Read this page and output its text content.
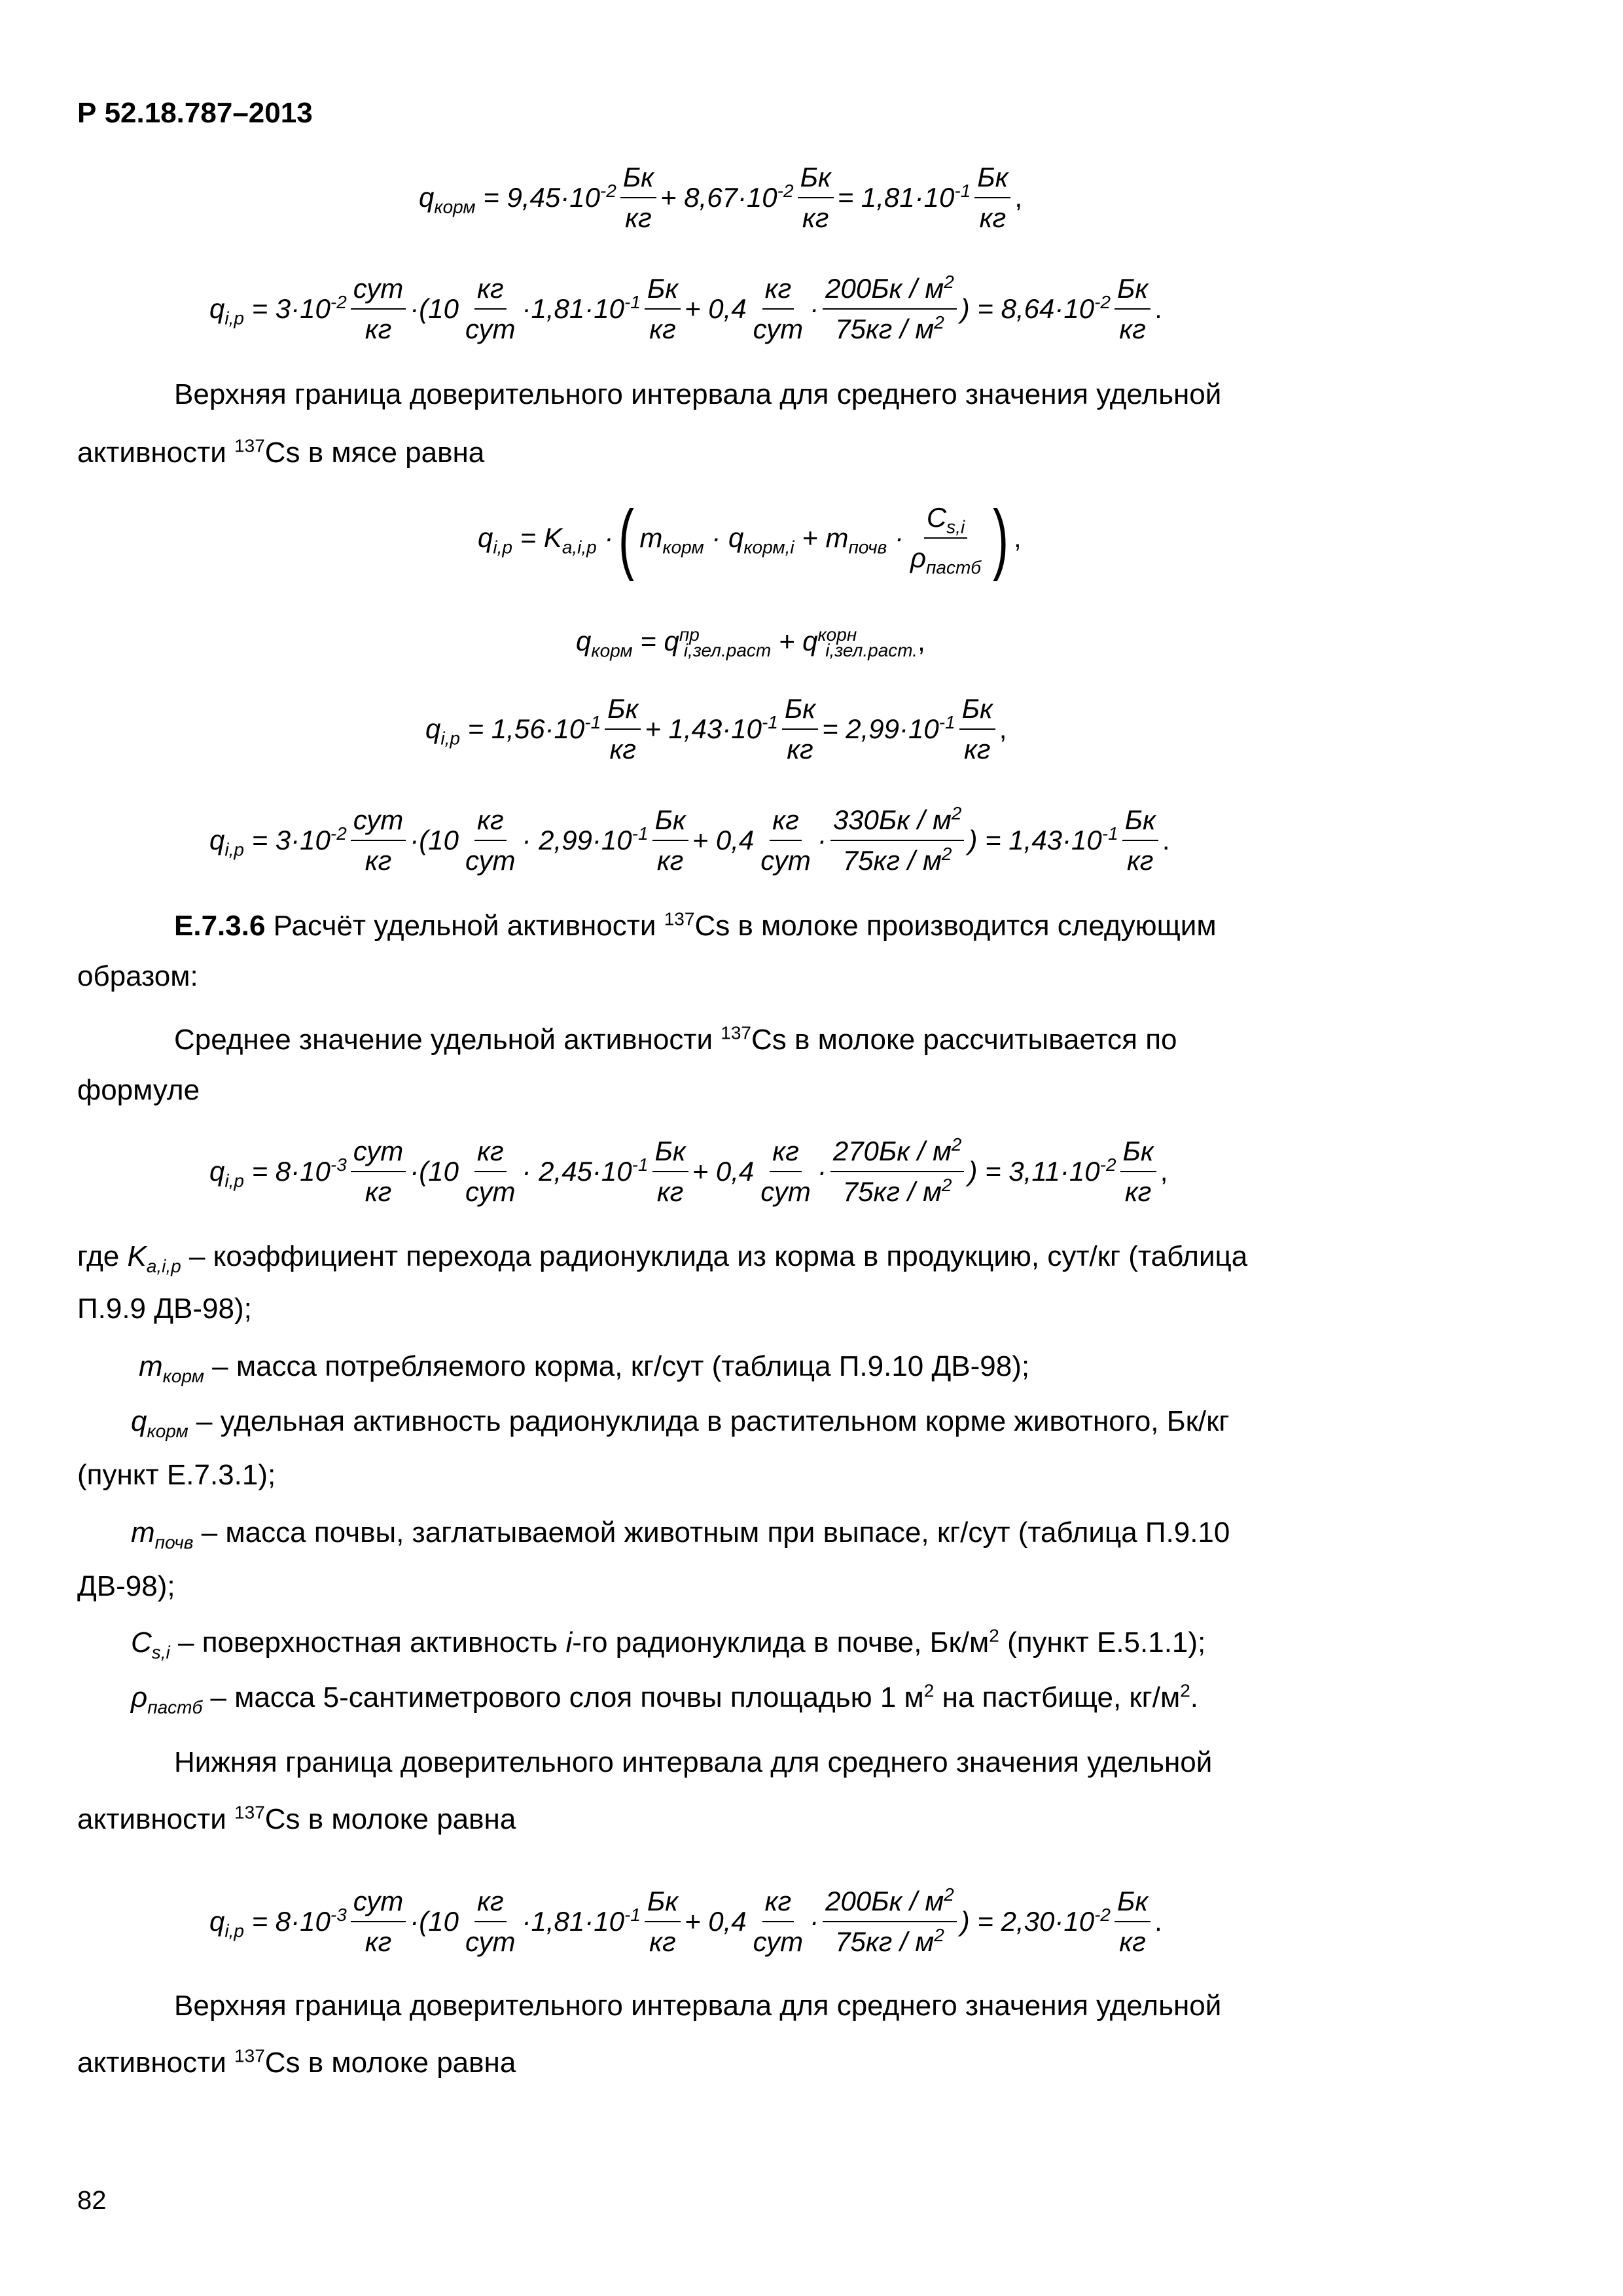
Р 52.18.787–2013
$q_{корм} = 9,45\cdot 10^{-2} \frac{Бк}{кг} + 8,67\cdot 10^{-2} \frac{Бк}{кг} = 1,81\cdot 10^{-1} \frac{Бк}{кг}$ ,
$q_{i,p} = 3\cdot 10^{-2} \frac{\text{сут}}{кг} \cdot(10 \frac{кг}{\text{сут}} \cdot 1,81\cdot 10^{-1} \frac{Бк}{кг} + 0,4 \frac{кг}{\text{сут}} \cdot \frac{200Бк / м^2}{75кг / м^2}$ ) = $8,64\cdot 10^{-2} \frac{Бк}{кг}$ .

Верхняя граница доверительного интервала для среднего значения удельной

активности $^{137}$Cs в мясе равна
$q_{i,p} = K_{a,i,p}$ · ( $m_{корм} \cdot q_{корм,i} + m_{почв} \cdot \frac{C_{s,i}}{\rho_{пастб}}$ ) ,
$q_{корм} = q^{пр}_{i,зел.раст} + q^{корн}_{i,зел.раст.}$ ,
$q_{i,p} = 1,56\cdot 10^{-1} \frac{Бк}{кг} + 1,43\cdot 10^{-1} \frac{Бк}{кг} = 2,99\cdot 10^{-1} \frac{Бк}{кг}$ ,
$q_{i,p} = 3\cdot 10^{-2} \frac{\text{сут}}{кг} \cdot(10 \frac{кг}{\text{сут}} \cdot 2,99\cdot 10^{-1} \frac{Бк}{кг} + 0,4 \frac{кг}{\text{сут}} \cdot \frac{330Бк / м^2}{75кг / м^2}$ ) = $1,43\cdot 10^{-1} \frac{Бк}{кг}$ .
Е.7.3.6 Расчёт удельной активности $^{137}$Cs в молоке производится следующим
образом:
Среднее значение удельной активности $^{137}$Cs в молоке рассчитывается по
формуле
$q_{i,p} = 8\cdot 10^{-3} \frac{\text{сут}}{кг} \cdot(10 \frac{кг}{\text{сут}} \cdot 2,45\cdot 10^{-1} \frac{Бк}{кг} + 0,4 \frac{кг}{\text{сут}} \cdot \frac{270Бк / м^2}{75кг / м^2}$ ) = $3,11\cdot 10^{-2} \frac{Бк}{кг}$ ,
где $K_{a,i,p}$ – коэффициент перехода радионуклида из корма в продукцию, сут/кг (таблица
П.9.9 ДВ-98);
$m_{корм}$ – масса потребляемого корма, кг/сут (таблица П.9.10 ДВ-98);
$q_{корм}$ – удельная активность радионуклида в растительном корме животного, Бк/кг
(пункт Е.7.3.1);
$m_{почв}$ – масса почвы, заглатываемой животным при выпасе, кг/сут (таблица П.9.10
ДВ-98);
$C_{s,i}$ – поверхностная активность i-го радионуклида в почве, $Бк/м^2$ (пункт Е.5.1.1);
$\rho_{пастб}$ – масса 5-сантиметрового слоя почвы площадью 1 $м^2$ на пастбище, $кг/м^2$.
Нижняя граница доверительного интервала для среднего значения удельной
активности $^{137}$Cs в молоке равна
$q_{i,p} = 8\cdot 10^{-3} \frac{\text{сут}}{кг} \cdot(10 \frac{кг}{\text{сут}} \cdot 1,81\cdot 10^{-1} \frac{Бк}{кг} + 0,4 \frac{кг}{\text{сут}} \cdot \frac{200Бк / м^2}{75кг / м^2}$ ) = $2,30\cdot 10^{-2} \frac{Бк}{кг}$ .
Верхняя граница доверительного интервала для среднего значения удельной
активности $^{137}$Cs в молоке равна
82
